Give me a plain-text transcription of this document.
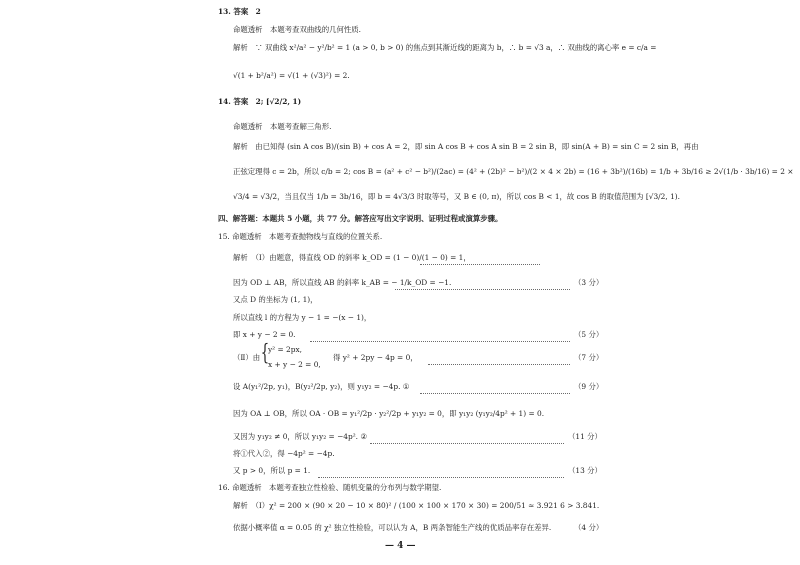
13. 答案　2
命题透析　本题考查双曲线的几何性质.
解析　∵ 双曲线 x²/a² − y²/b² = 1 (a > 0, b > 0) 的焦点到其渐近线的距离为 b，∴ b = √3 a，∴ 双曲线的离心率 e = c/a =
√(1 + b²/a²) = √(1 + (√3)²) = 2.
14. 答案　2; [√2/2, 1)
命题透析　本题考查解三角形.
解析　由已知得 (sin A cos B)/(sin B) + cos A = 2，即 sin A cos B + cos A sin B = 2 sin B，即 sin(A + B) = sin C = 2 sin B，再由
正弦定理得 c = 2b，所以 c/b = 2; cos B = (a² + c² − b²)/(2ac) = (4² + (2b)² − b²)/(2 × 4 × 2b) = (16 + 3b²)/(16b) = 1/b + 3b/16 ≥ 2√(1/b · 3b/16) = 2 ×
√3/4 = √3/2，当且仅当 1/b = 3b/16，即 b = 4√3/3 时取等号，又 B ∈ (0, π)，所以 cos B < 1，故 cos B 的取值范围为 [√3/2, 1).
四、解答题：本题共 5 小题，共 77 分。解答应写出文字说明、证明过程或演算步骤。
15. 命题透析　本题考查抛物线与直线的位置关系.
解析　（Ⅰ）由题意，得直线 OD 的斜率 k_OD = (1 − 0)/(1 − 0) = 1，
因为 OD ⊥ AB，所以直线 AB 的斜率 k_AB = − 1/k_OD = −1.	（3 分）
又点 D 的坐标为 (1, 1)，
所以直线 l 的方程为 y − 1 = −(x − 1)，
即 x + y − 2 = 0.	（5 分）
（Ⅱ）由 {
y² = 2px,
x + y − 2 = 0,
得 y² + 2py − 4p = 0，	（7 分）
设 A(y₁²/2p, y₁)，B(y₂²/2p, y₂)，则 y₁y₂ = −4p. ①	（9 分）
因为 OA ⊥ OB，所以 OA · OB = y₁²/2p · y₂²/2p + y₁y₂ = 0，即 y₁y₂ (y₁y₂/4p² + 1) = 0.
又因为 y₁y₂ ≠ 0，所以 y₁y₂ = −4p². ②	（11 分）
将①代入②，得 −4p² = −4p.
又 p > 0，所以 p = 1.	（13 分）
16. 命题透析　本题考查独立性检验、随机变量的分布列与数学期望.
解析　（Ⅰ）χ² = 200 × (90 × 20 − 10 × 80)² / (100 × 100 × 170 × 30) = 200/51 ≈ 3.921 6 > 3.841.
依据小概率值 α = 0.05 的 χ² 独立性检验，可以认为 A，B 两条智能生产线的优质品率存在差异.	（4 分）
— 4 —
